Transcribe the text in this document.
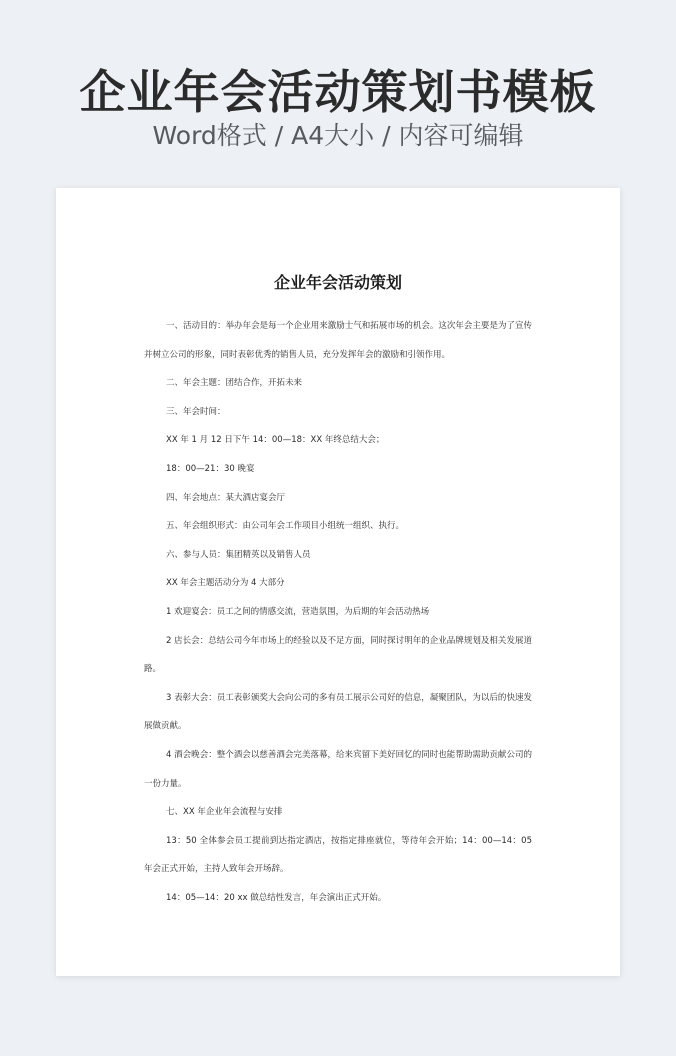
企业年会活动策划书模板
Word格式 / A4大小 / 内容可编辑
企业年会活动策划

一、活动目的：举办年会是每一个企业用来激励士气和拓展市场的机会。这次年会主要是为了宣传并树立公司的形象，同时表彰优秀的销售人员，充分发挥年会的激励和引领作用。

二、年会主题：团结合作，开拓未来

三、年会时间：

XX 年 1 月 12 日下午 14：00—18：XX 年终总结大会；

18：00—21：30 晚宴

四、年会地点：某大酒店宴会厅

五、年会组织形式：由公司年会工作项目小组统一组织、执行。

六、参与人员：集团精英以及销售人员

XX 年会主题活动分为 4 大部分

1 欢迎宴会：员工之间的情感交流，营造氛围，为后期的年会活动热场

2 店长会：总结公司今年市场上的经验以及不足方面，同时探讨明年的企业品牌规划及相关发展道路。

3 表彰大会：员工表彰颁奖大会向公司的多有员工展示公司好的信息，凝聚团队，为以后的快速发展做贡献。

4 酒会晚会：整个酒会以慈善酒会完美落幕，给来宾留下美好回忆的同时也能帮助需助贡献公司的一份力量。

七、XX 年企业年会流程与安排

13：50 全体参会员工提前到达指定酒店，按指定排座就位，等待年会开始；14：00—14：05 年会正式开始，主持人致年会开场辞。

14：05—14：20 xx 做总结性发言，年会演出正式开始。
